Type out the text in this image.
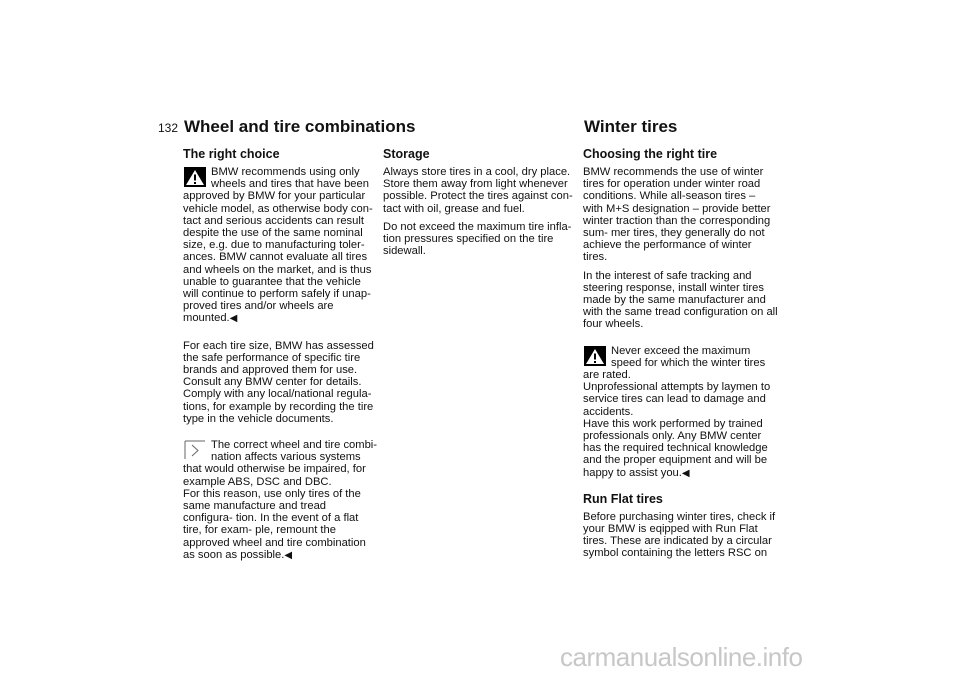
132 Wheel and tire combinations	Winter tires
The right choice
BMW recommends using only
wheels and tires that have been
approved by BMW for your particular vehicle model, as otherwise body con- tact and serious accidents can result despite the use of the same nominal size, e.g. due to manufacturing toler- ances. BMW cannot evaluate all tires and wheels on the market, and is thus unable to guarantee that the vehicle will continue to perform safely if unap- proved tires and/or wheels are mounted.◀

For each tire size, BMW has assessed the safe performance of specific tire brands and approved them for use. Consult any BMW center for details. Comply with any local/national regula- tions, for example by recording the tire type in the vehicle documents.

The correct wheel and tire combi-
nation affects various systems
that would otherwise be impaired, for example ABS, DSC and DBC.
For this reason, use only tires of the same manufacture and tread configura- tion. In the event of a flat tire, for exam- ple, remount the approved wheel and tire combination as soon as possible.◀
Storage

Always store tires in a cool, dry place. Store them away from light whenever possible. Protect the tires against con- tact with oil, grease and fuel.

Do not exceed the maximum tire infla- tion pressures specified on the tire sidewall.

Choosing the right tire

BMW recommends the use of winter tires for operation under winter road conditions. While all-season tires – with M+S designation – provide better winter traction than the corresponding sum- mer tires, they generally do not achieve the performance of winter tires.

In the interest of safe tracking and steering response, install winter tires made by the same manufacturer and with the same tread configuration on all four wheels.

Never exceed the maximum
speed for which the winter tires
are rated.
Unprofessional attempts by laymen to service tires can lead to damage and accidents.
Have this work performed by trained professionals only. Any BMW center has the required technical knowledge and the proper equipment and will be happy to assist you.◀
Run Flat tires

Before purchasing winter tires, check if your BMW is eqipped with Run Flat tires. These are indicated by a circular symbol containing the letters RSC on

carmanualsonline.info
